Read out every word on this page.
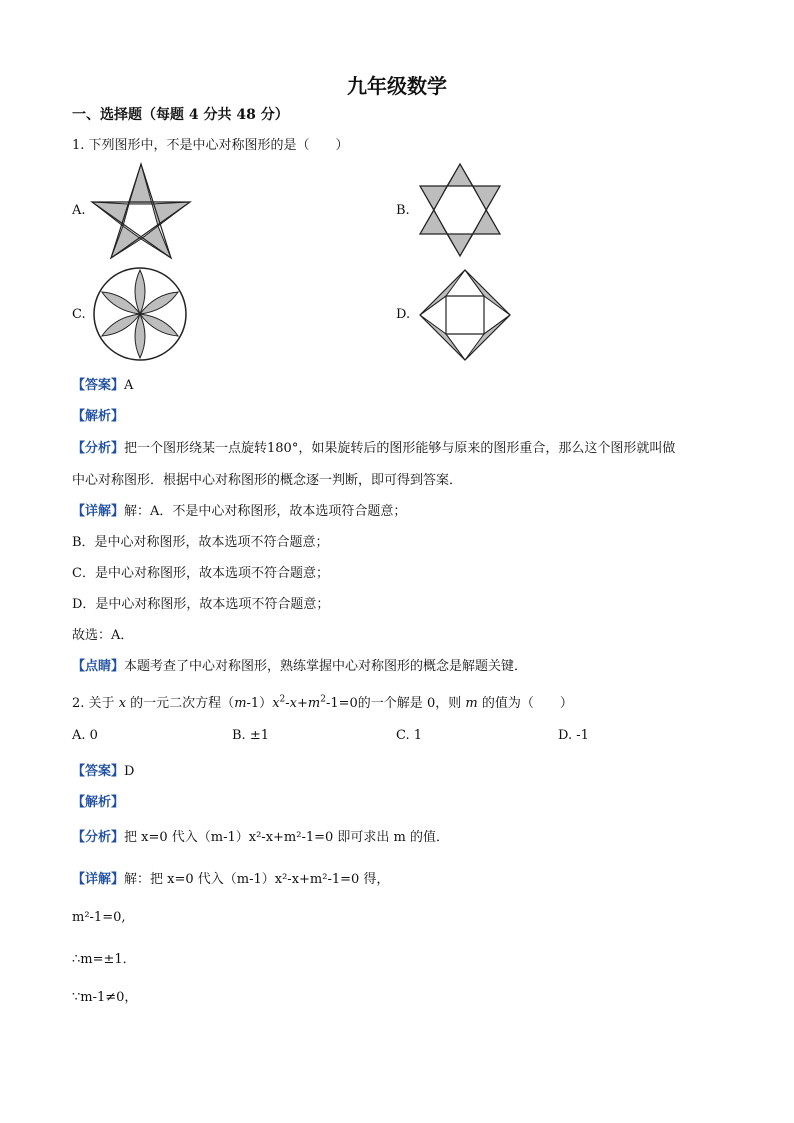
九年级数学
一、选择题（每题 4 分共 48 分）
1. 下列图形中，不是中心对称图形的是（　　）
A.	B.
C.	D.
【答案】A
【解析】
【分析】把一个图形绕某一点旋转180°，如果旋转后的图形能够与原来的图形重合，那么这个图形就叫做
中心对称图形．根据中心对称图形的概念逐一判断，即可得到答案．
【详解】解：A．不是中心对称图形，故本选项符合题意；
B．是中心对称图形，故本选项不符合题意；
C．是中心对称图形，故本选项不符合题意；
D．是中心对称图形，故本选项不符合题意；
故选：A．
【点睛】本题考查了中心对称图形，熟练掌握中心对称图形的概念是解题关键．
2. 关于 x 的一元二次方程$(m-1)x^2-x+m^2-1=0$的一个解是 0，则 m 的值为（　　）
A. 0	B. ±1	C. 1	D. -1
【答案】D
【解析】
【分析】把 x=0 代入（m-1）x²-x+m²-1=0 即可求出 m 的值．
【详解】解：把 x=0 代入（m-1）x²-x+m²-1=0 得，
m²-1=0,
∴m=±1．
∵m-1≠0，
